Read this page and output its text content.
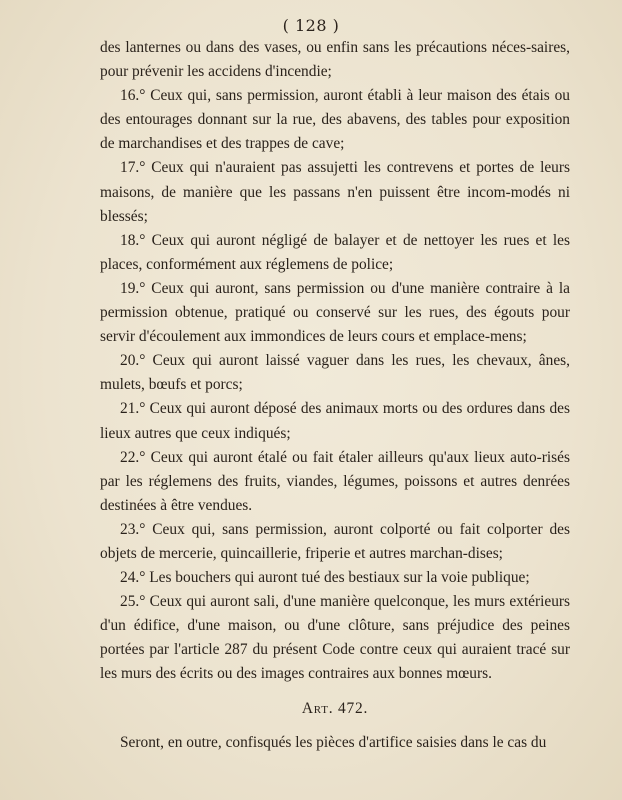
( 128 )

des lanternes ou dans des vases, ou enfin sans les précautions néces-saires, pour prévenir les accidens d'incendie;

16.° Ceux qui, sans permission, auront établi à leur maison des étais ou des entourages donnant sur la rue, des abavens, des tables pour exposition de marchandises et des trappes de cave;

17.° Ceux qui n'auraient pas assujetti les contrevens et portes de leurs maisons, de manière que les passans n'en puissent être incom-modés ni blessés;

18.° Ceux qui auront négligé de balayer et de nettoyer les rues et les places, conformément aux réglemens de police;

19.° Ceux qui auront, sans permission ou d'une manière contraire à la permission obtenue, pratiqué ou conservé sur les rues, des égouts pour servir d'écoulement aux immondices de leurs cours et emplace-mens;

20.° Ceux qui auront laissé vaguer dans les rues, les chevaux, ânes, mulets, bœufs et porcs;

21.° Ceux qui auront déposé des animaux morts ou des ordures dans des lieux autres que ceux indiqués;

22.° Ceux qui auront étalé ou fait étaler ailleurs qu'aux lieux auto-risés par les réglemens des fruits, viandes, légumes, poissons et autres denrées destinées à être vendues.

23.° Ceux qui, sans permission, auront colporté ou fait colporter des objets de mercerie, quincaillerie, friperie et autres marchan-dises;

24.° Les bouchers qui auront tué des bestiaux sur la voie publique;

25.° Ceux qui auront sali, d'une manière quelconque, les murs extérieurs d'un édifice, d'une maison, ou d'une clôture, sans préjudice des peines portées par l'article 287 du présent Code contre ceux qui auraient tracé sur les murs des écrits ou des images contraires aux bonnes mœurs.

Art. 472.

Seront, en outre, confisqués les pièces d'artifice saisies dans le cas du
